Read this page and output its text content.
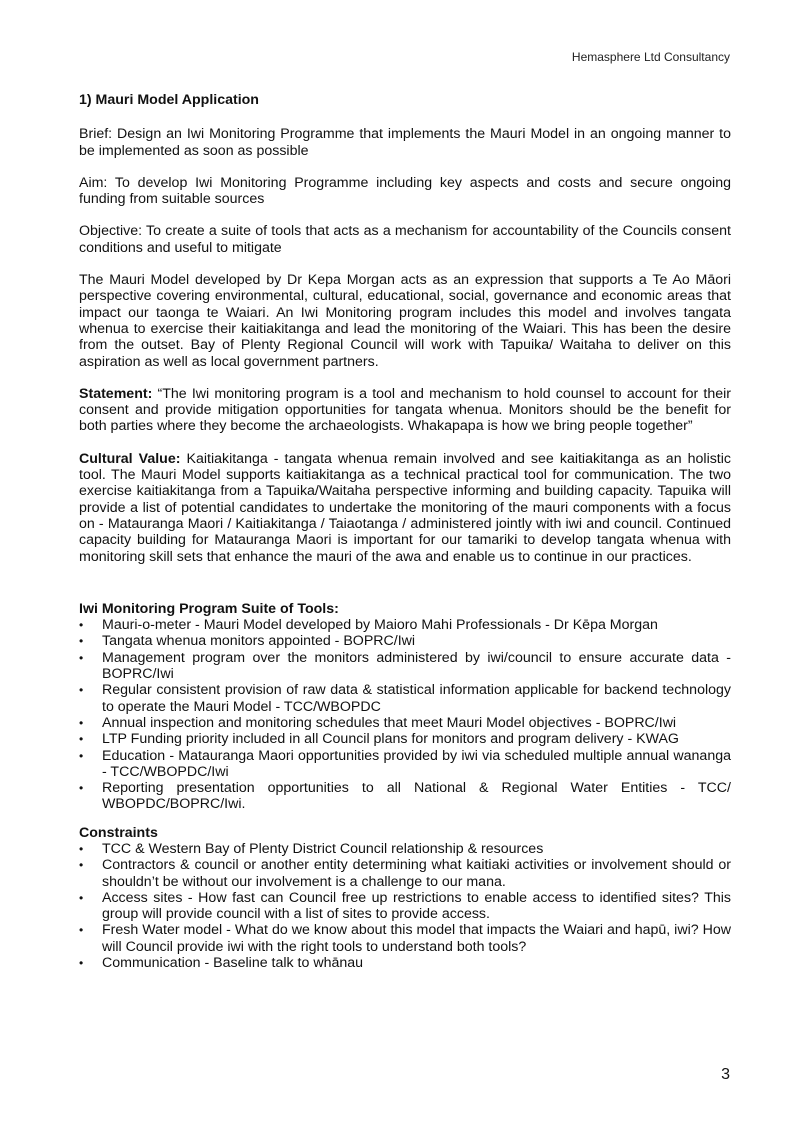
Hemasphere Ltd Consultancy
1) Mauri Model Application

Brief: Design an Iwi Monitoring Programme that implements the Mauri Model in an ongoing manner to be implemented as soon as possible

Aim: To develop Iwi Monitoring Programme including key aspects and costs and secure ongoing funding from suitable sources

Objective: To create a suite of tools that acts as a mechanism for accountability of the Councils consent conditions and useful to mitigate

The Mauri Model developed by Dr Kepa Morgan acts as an expression that supports a Te Ao Māori perspective covering environmental, cultural, educational, social, governance and economic areas that impact our taonga te Waiari. An Iwi Monitoring program includes this model and involves tangata whenua to exercise their kaitiakitanga and lead the monitoring of the Waiari. This has been the desire from the outset. Bay of Plenty Regional Council will work with Tapuika/ Waitaha to deliver on this aspiration as well as local government partners.

Statement: “The Iwi monitoring program is a tool and mechanism to hold counsel to account for their consent and provide mitigation opportunities for tangata whenua. Monitors should be the benefit for both parties where they become the archaeologists. Whakapapa is how we bring people together”

Cultural Value: Kaitiakitanga - tangata whenua remain involved and see kaitiakitanga as an holistic tool. The Mauri Model supports kaitiakitanga as a technical practical tool for communication. The two exercise kaitiakitanga from a Tapuika/Waitaha perspective informing and building capacity. Tapuika will provide a list of potential candidates to undertake the monitoring of the mauri components with a focus on - Matauranga Maori / Kaitiakitanga / Taiaotanga / administered jointly with iwi and council. Continued capacity building for Matauranga Maori is important for our tamariki to develop tangata whenua with monitoring skill sets that enhance the mauri of the awa and enable us to continue in our practices.

Iwi Monitoring Program Suite of Tools:
• Mauri-o-meter - Mauri Model developed by Maioro Mahi Professionals - Dr Kēpa Morgan
• Tangata whenua monitors appointed - BOPRC/Iwi
• Management program over the monitors administered by iwi/council to ensure accurate data - BOPRC/Iwi
• Regular consistent provision of raw data & statistical information applicable for backend technology to operate the Mauri Model - TCC/WBOPDC
• Annual inspection and monitoring schedules that meet Mauri Model objectives - BOPRC/Iwi
• LTP Funding priority included in all Council plans for monitors and program delivery - KWAG
• Education - Matauranga Maori opportunities provided by iwi via scheduled multiple annual wananga - TCC/WBOPDC/Iwi
• Reporting presentation opportunities to all National & Regional Water Entities - TCC/ WBOPDC/BOPRC/Iwi.
Constraints
• TCC & Western Bay of Plenty District Council relationship & resources
• Contractors & council or another entity determining what kaitiaki activities or involvement should or shouldn’t be without our involvement is a challenge to our mana.
• Access sites - How fast can Council free up restrictions to enable access to identified sites? This group will provide council with a list of sites to provide access.
• Fresh Water model - What do we know about this model that impacts the Waiari and hapū, iwi? How will Council provide iwi with the right tools to understand both tools?
• Communication - Baseline talk to whānau
3
